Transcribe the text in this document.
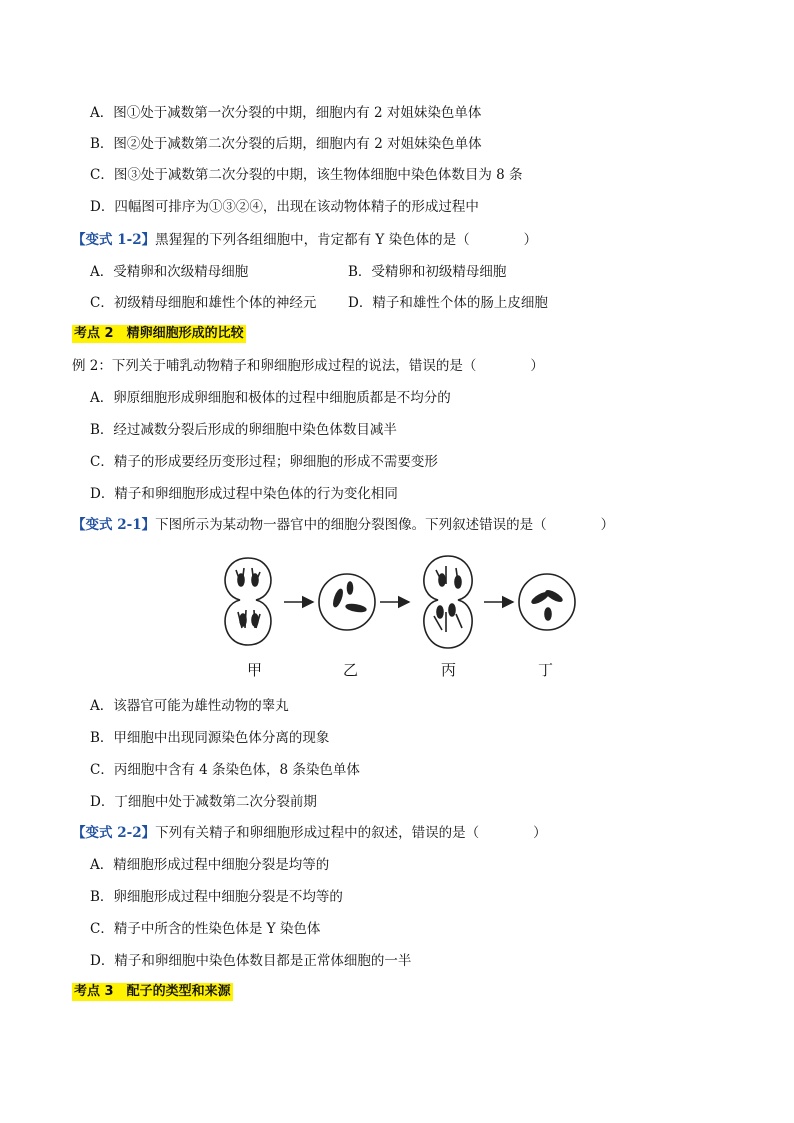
A．图①处于减数第一次分裂的中期，细胞内有 2 对姐妹染色单体
B．图②处于减数第二次分裂的后期，细胞内有 2 对姐妹染色单体
C．图③处于减数第二次分裂的中期，该生物体细胞中染色体数目为 8 条
D．四幅图可排序为①③②④，出现在该动物体精子的形成过程中
【变式 1-2】黑猩猩的下列各组细胞中，肯定都有 Y 染色体的是（　　　　）
A．受精卵和次级精母细胞	B．受精卵和初级精母细胞
C．初级精母细胞和雄性个体的神经元 D．精子和雄性个体的肠上皮细胞
考点 2　精卵细胞形成的比较
例 2：下列关于哺乳动物精子和卵细胞形成过程的说法，错误的是（　　　　）
A．卵原细胞形成卵细胞和极体的过程中细胞质都是不均分的
B．经过减数分裂后形成的卵细胞中染色体数目减半
C．精子的形成要经历变形过程；卵细胞的形成不需要变形
D．精子和卵细胞形成过程中染色体的行为变化相同
【变式 2-1】下图所示为某动物一器官中的细胞分裂图像。下列叙述错误的是（　　　　）
甲	乙	丙	丁
A．该器官可能为雄性动物的睾丸
B．甲细胞中出现同源染色体分离的现象
C．丙细胞中含有 4 条染色体，8 条染色单体
D．丁细胞中处于减数第二次分裂前期
【变式 2-2】下列有关精子和卵细胞形成过程中的叙述，错误的是（　　　　）
A．精细胞形成过程中细胞分裂是均等的
B．卵细胞形成过程中细胞分裂是不均等的
C．精子中所含的性染色体是 Y 染色体
D．精子和卵细胞中染色体数目都是正常体细胞的一半
考点 3　配子的类型和来源
